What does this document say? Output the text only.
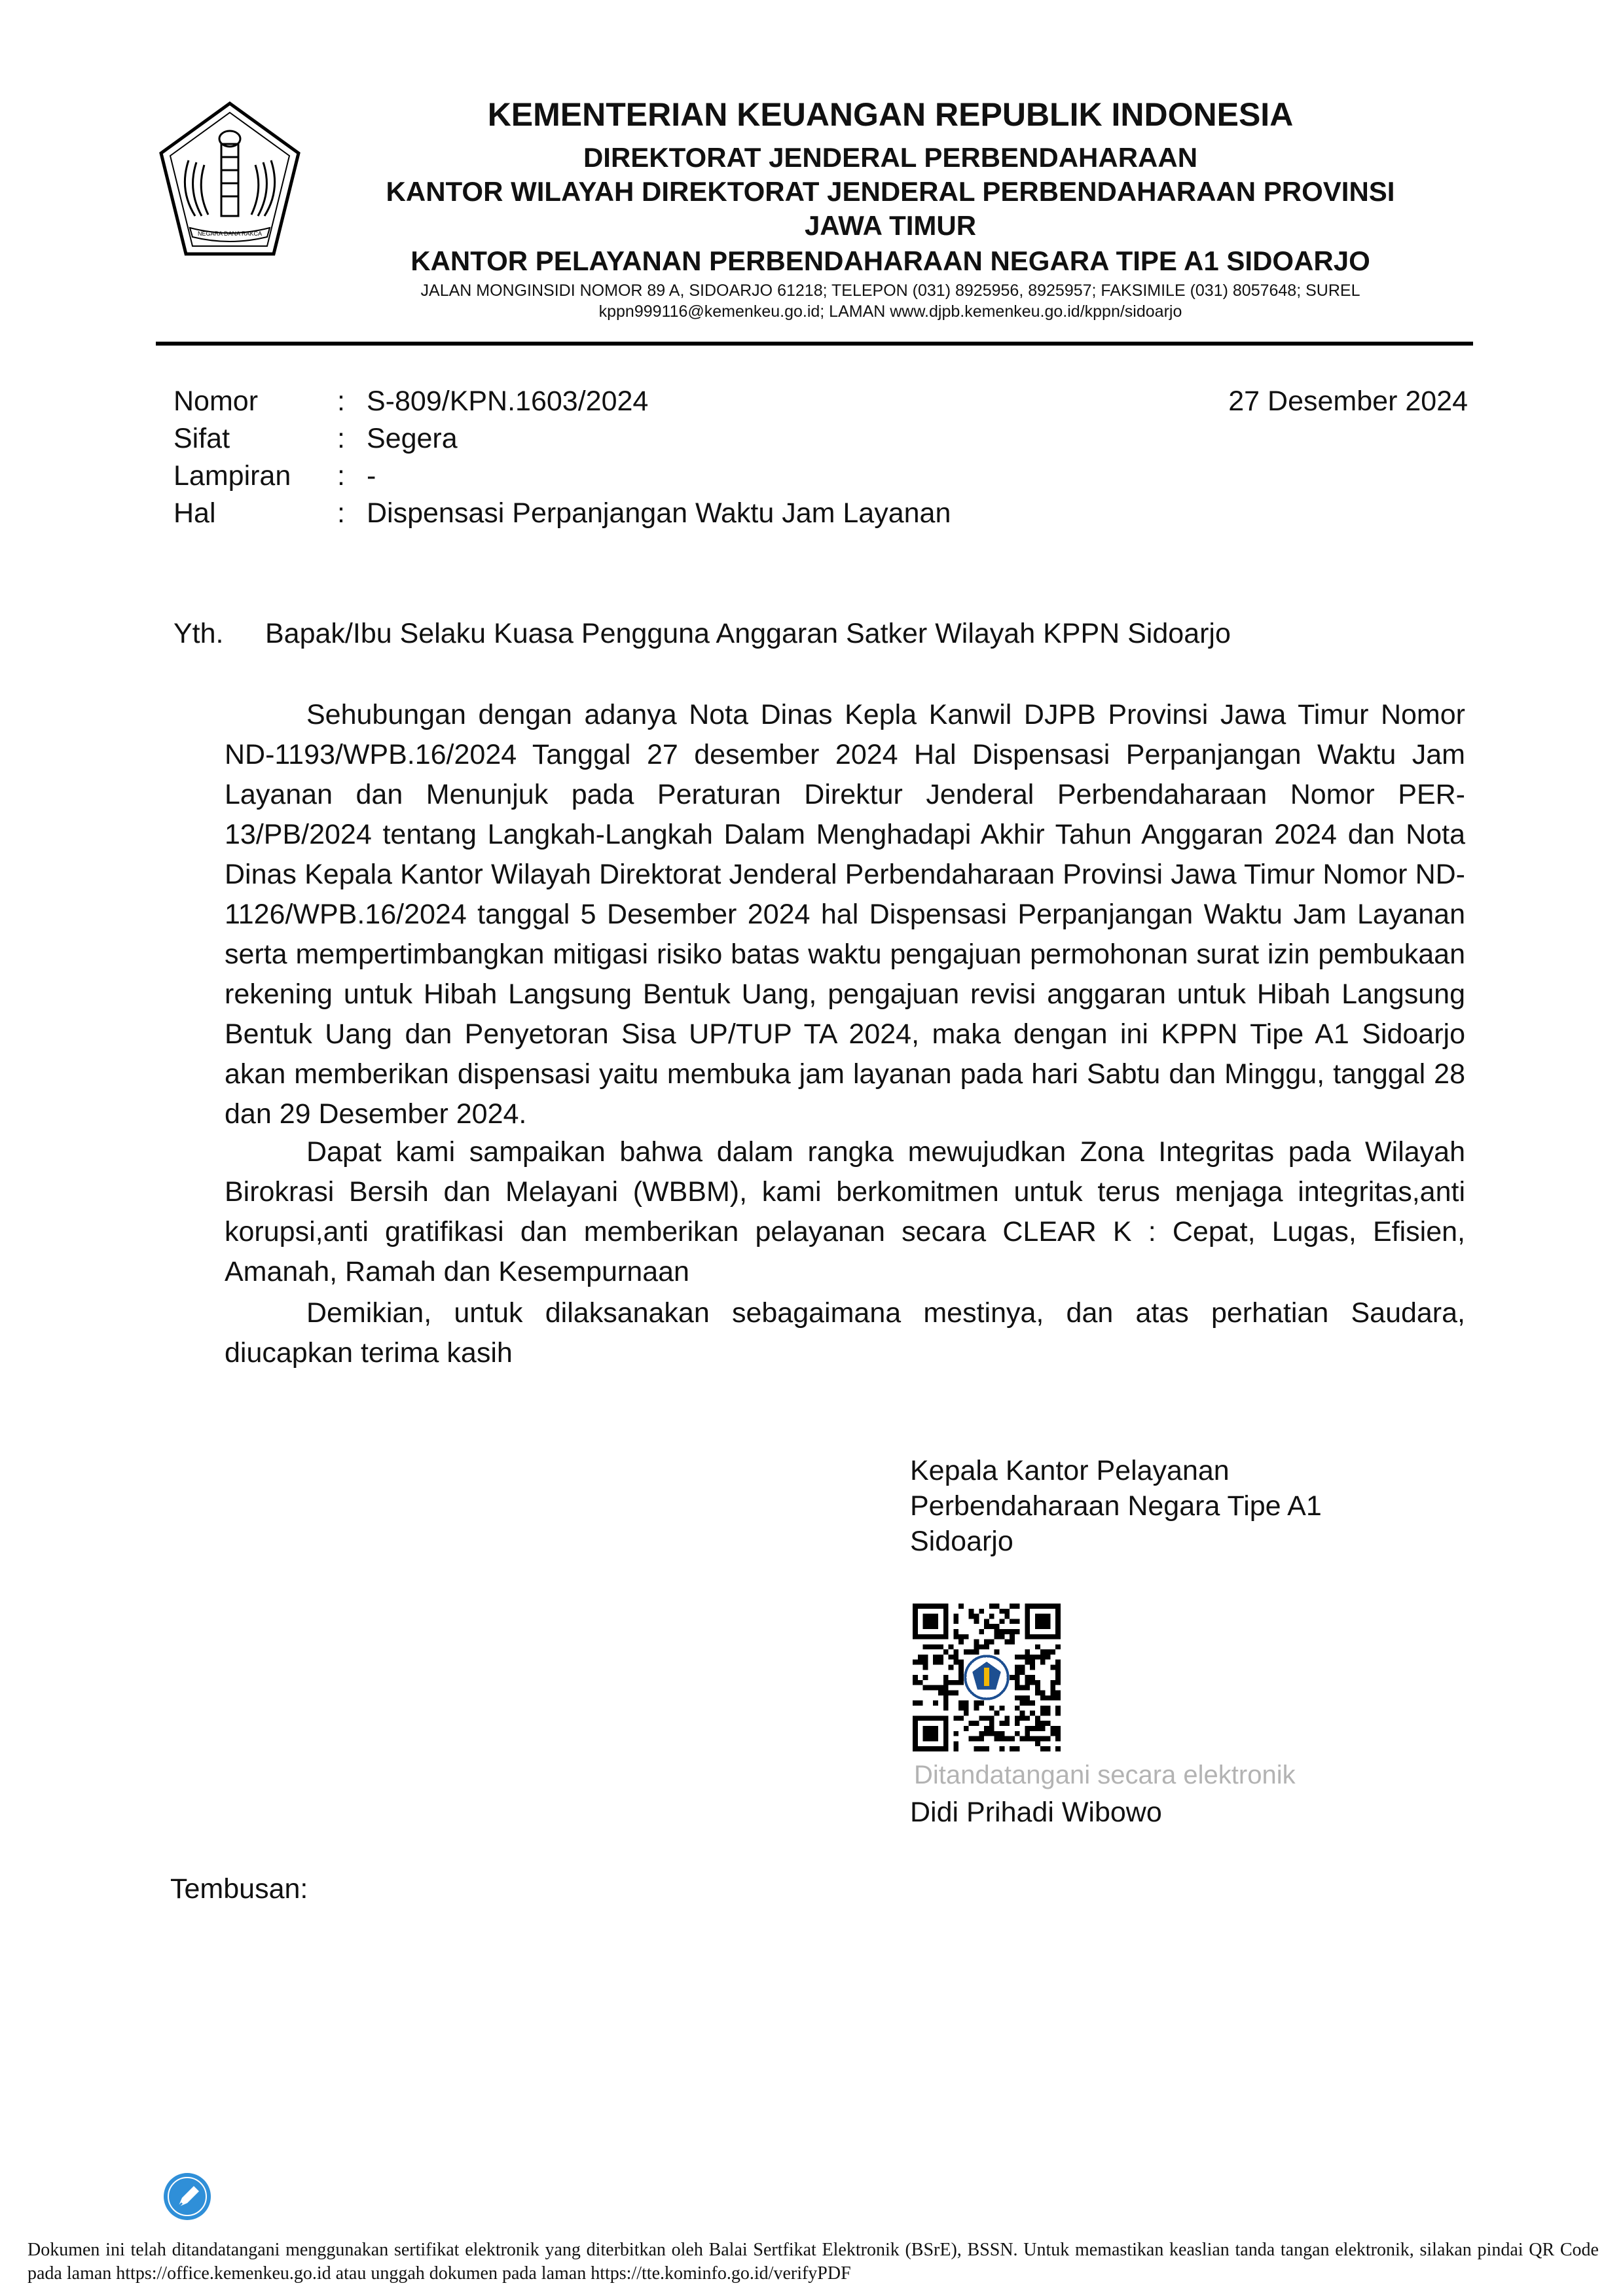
NEGARA DANA RAKCA
KEMENTERIAN KEUANGAN REPUBLIK INDONESIA
DIREKTORAT JENDERAL PERBENDAHARAAN
KANTOR WILAYAH DIREKTORAT JENDERAL PERBENDAHARAAN PROVINSI
JAWA TIMUR
KANTOR PELAYANAN PERBENDAHARAAN NEGARA TIPE A1 SIDOARJO
JALAN MONGINSIDI NOMOR 89 A, SIDOARJO 61218; TELEPON (031) 8925956, 8925957; FAKSIMILE (031) 8057648; SUREL
kppn999116@kemenkeu.go.id; LAMAN www.djpb.kemenkeu.go.id/kppn/sidoarjo
Nomor	: S-809/KPN.1603/2024
Sifat	: Segera
Lampiran	: -
Hal	: Dispensasi Perpanjangan Waktu Jam Layanan
27 Desember 2024
Yth.	Bapak/Ibu Selaku Kuasa Pengguna Anggaran Satker Wilayah KPPN Sidoarjo

Sehubungan dengan adanya Nota Dinas Kepla Kanwil DJPB Provinsi Jawa Timur Nomor ND-1193/WPB.16/2024 Tanggal 27 desember 2024 Hal Dispensasi Perpanjangan Waktu Jam Layanan dan Menunjuk pada Peraturan Direktur Jenderal Perbendaharaan Nomor PER-13/PB/2024 tentang Langkah-Langkah Dalam Menghadapi Akhir Tahun Anggaran 2024 dan Nota Dinas Kepala Kantor Wilayah Direktorat Jenderal Perbendaharaan Provinsi Jawa Timur Nomor ND-1126/WPB.16/2024 tanggal 5 Desember 2024 hal Dispensasi Perpanjangan Waktu Jam Layanan serta mempertimbangkan mitigasi risiko batas waktu pengajuan permohonan surat izin pembukaan rekening untuk Hibah Langsung Bentuk Uang, pengajuan revisi anggaran untuk Hibah Langsung Bentuk Uang dan Penyetoran Sisa UP/TUP TA 2024, maka dengan ini KPPN Tipe A1 Sidoarjo akan memberikan dispensasi yaitu membuka jam layanan pada hari Sabtu dan Minggu, tanggal 28 dan 29 Desember 2024.

Dapat kami sampaikan bahwa dalam rangka mewujudkan Zona Integritas pada Wilayah Birokrasi Bersih dan Melayani (WBBM), kami berkomitmen untuk terus menjaga integritas,anti korupsi,anti gratifikasi dan memberikan pelayanan secara CLEAR K : Cepat, Lugas, Efisien, Amanah, Ramah dan Kesempurnaan

Demikian, untuk dilaksanakan sebagaimana mestinya, dan atas perhatian Saudara, diucapkan terima kasih

Kepala Kantor Pelayanan
Perbendaharaan Negara Tipe A1
Sidoarjo
Ditandatangani secara elektronik
Didi Prihadi Wibowo
Tembusan:
Dokumen ini telah ditandatangani menggunakan sertifikat elektronik yang diterbitkan oleh Balai Sertfikat Elektronik (BSrE), BSSN. Untuk memastikan keaslian tanda tangan elektronik, silakan pindai QR Code pada laman https://office.kemenkeu.go.id atau unggah dokumen pada laman https://tte.kominfo.go.id/verifyPDF
